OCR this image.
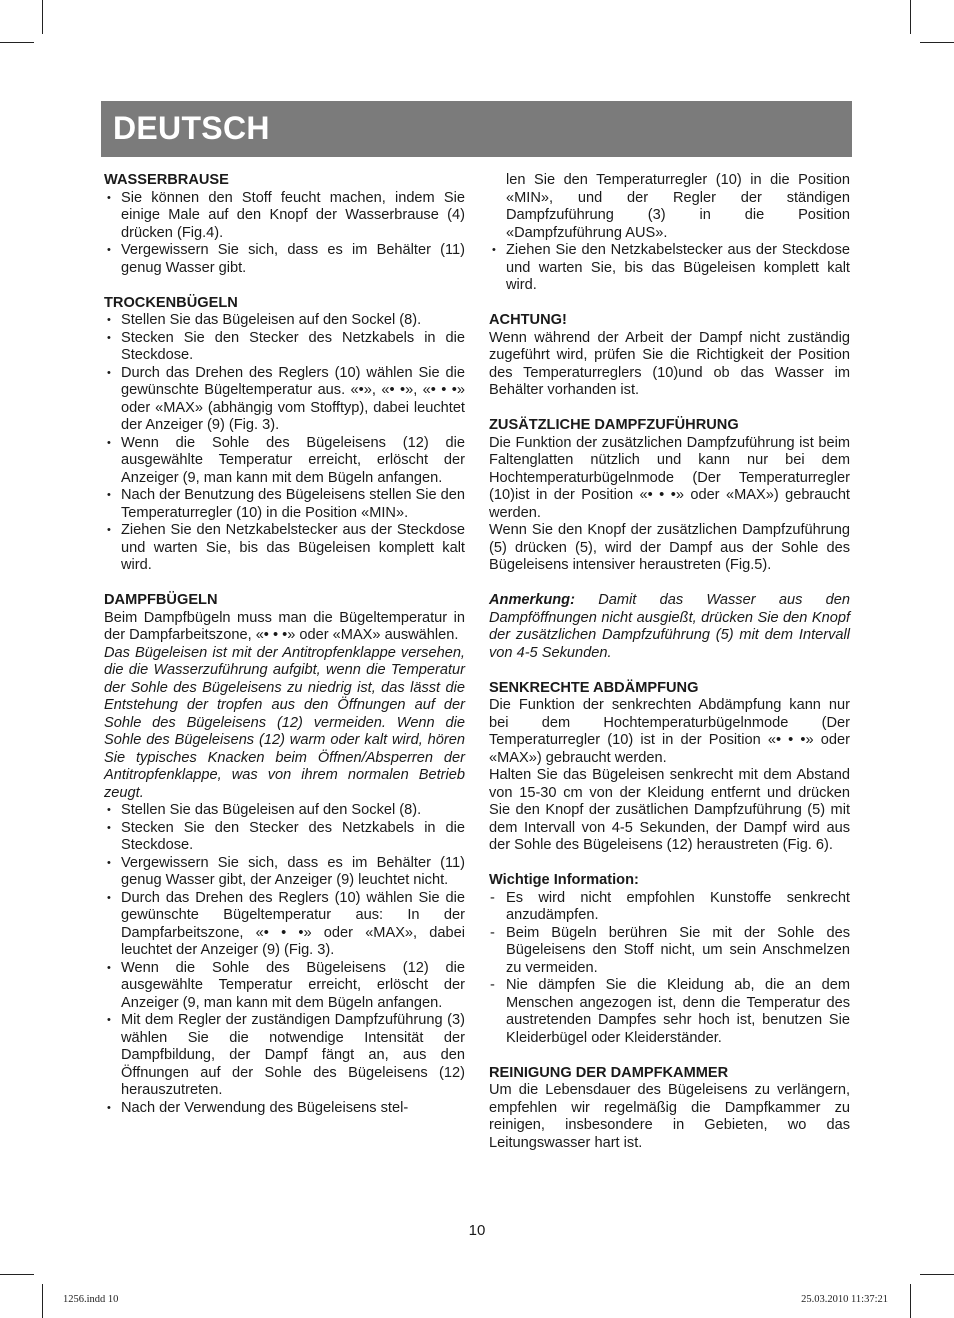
DEUTSCH
WASSERBRAUSE
• Sie können den Stoff feucht machen, indem Sie einige Male auf den Knopf der Wasserbrause (4) drücken (Fig.4).
• Vergewissern Sie sich, dass es im Behälter (11) genug Wasser gibt.
TROCKENBÜGELN
• Stellen Sie das Bügeleisen auf den Sockel (8).
• Stecken Sie den Stecker des Netzkabels in die Steckdose.
• Durch das Drehen des Reglers (10) wählen Sie die gewünschte Bügeltemperatur aus. «•», «• •», «• • •» oder «MAX» (abhängig vom Stofftyp), dabei leuchtet der Anzeiger (9) (Fig. 3).
• Wenn die Sohle des Bügeleisens (12) die ausgewählte Temperatur erreicht, erlöscht der Anzeiger (9, man kann mit dem Bügeln anfangen.
• Nach der Benutzung des Bügeleisens stellen Sie den Temperaturregler (10) in die Position «MIN».
• Ziehen Sie den Netzkabelstecker aus der Steckdose und warten Sie, bis das Bügeleisen komplett kalt wird.
DAMPFBÜGELN

Beim Dampfbügeln muss man die Bügeltemperatur in der Dampfarbeitszone, «• • •» oder «MAX» auswählen.

Das Bügeleisen ist mit der Antitropfenklappe versehen, die die Wasserzuführung aufgibt, wenn die Temperatur der Sohle des Bügeleisens zu niedrig ist, das lässt die Entstehung der tropfen aus den Öffnungen auf der Sohle des Bügeleisens (12) vermeiden. Wenn die Sohle des Bügeleisens (12) warm oder kalt wird, hören Sie typisches Knacken beim Öffnen/Absperren der Antitropfenklappe, was von ihrem normalen Betrieb zeugt.

• Stellen Sie das Bügeleisen auf den Sockel (8).
• Stecken Sie den Stecker des Netzkabels in die Steckdose.
• Vergewissern Sie sich, dass es im Behälter (11) genug Wasser gibt, der Anzeiger (9) leuchtet nicht.
• Durch das Drehen des Reglers (10) wählen Sie die gewünschte Bügeltemperatur aus: In der Dampfarbeitszone, «• • •» oder «MAX», dabei leuchtet der Anzeiger (9) (Fig. 3).
• Wenn die Sohle des Bügeleisens (12) die ausgewählte Temperatur erreicht, erlöscht der Anzeiger (9, man kann mit dem Bügeln anfangen.
• Mit dem Regler der zuständigen Dampfzuführung (3) wählen Sie die notwendige Intensität der Dampfbildung, der Dampf fängt an, aus den Öffnungen auf der Sohle des Bügeleisens (12) herauszutreten.
• Nach der Verwendung des Bügeleisens stel-
len Sie den Temperaturregler (10) in die Position «MIN», und der Regler der ständigen Dampfzuführung (3) in die Position «Dampfzuführung AUS».
• Ziehen Sie den Netzkabelstecker aus der Steckdose und warten Sie, bis das Bügeleisen komplett kalt wird.
ACHTUNG!

Wenn während der Arbeit der Dampf nicht zuständig zugeführt wird, prüfen Sie die Richtigkeit der Position des Temperaturreglers (10)und ob das Wasser im Behälter vorhanden ist.

ZUSÄTZLICHE DAMPFZUFÜHRUNG

Die Funktion der zusätzlichen Dampfzuführung ist beim Faltenglatten nützlich und kann nur bei dem Hochtemperaturbügelnmode (Der Temperaturregler (10)ist in der Position «• • •» oder «MAX») gebraucht werden.

Wenn Sie den Knopf der zusätzlichen Dampfzuführung (5) drücken (5), wird der Dampf aus der Sohle des Bügeleisens intensiver heraustreten (Fig.5).

Anmerkung: Damit das Wasser aus den Dampföffnungen nicht ausgießt, drücken Sie den Knopf der zusätzlichen Dampfzuführung (5) mit dem Intervall von 4-5 Sekunden.

SENKRECHTE ABDÄMPFUNG

Die Funktion der senkrechten Abdämpfung kann nur bei dem Hochtemperaturbügelnmode (Der Temperaturregler (10) ist in der Position «• • •» oder «MAX») gebraucht werden.

Halten Sie das Bügeleisen senkrecht mit dem Abstand von 15-30 cm von der Kleidung entfernt und drücken Sie den Knopf der zusätlichen Dampfzuführung (5) mit dem Intervall von 4-5 Sekunden, der Dampf wird aus der Sohle des Bügeleisens (12) heraustreten (Fig. 6).

Wichtige Information:
- Es wird nicht empfohlen Kunstoffe senkrecht anzudämpfen.
- Beim Bügeln berühren Sie mit der Sohle des Bügeleisens den Stoff nicht, um sein Anschmelzen zu vermeiden.
- Nie dämpfen Sie die Kleidung ab, die an dem Menschen angezogen ist, denn die Temperatur des austretenden Dampfes sehr hoch ist, benutzen Sie Kleiderbügel oder Kleiderständer.
REINIGUNG DER DAMPFKAMMER

Um die Lebensdauer des Bügeleisens zu verlängern, empfehlen wir regelmäßig die Dampfkammer zu reinigen, insbesondere in Gebieten, wo das Leitungswasser hart ist.

10
1256.indd 10	25.03.2010 11:37:21
